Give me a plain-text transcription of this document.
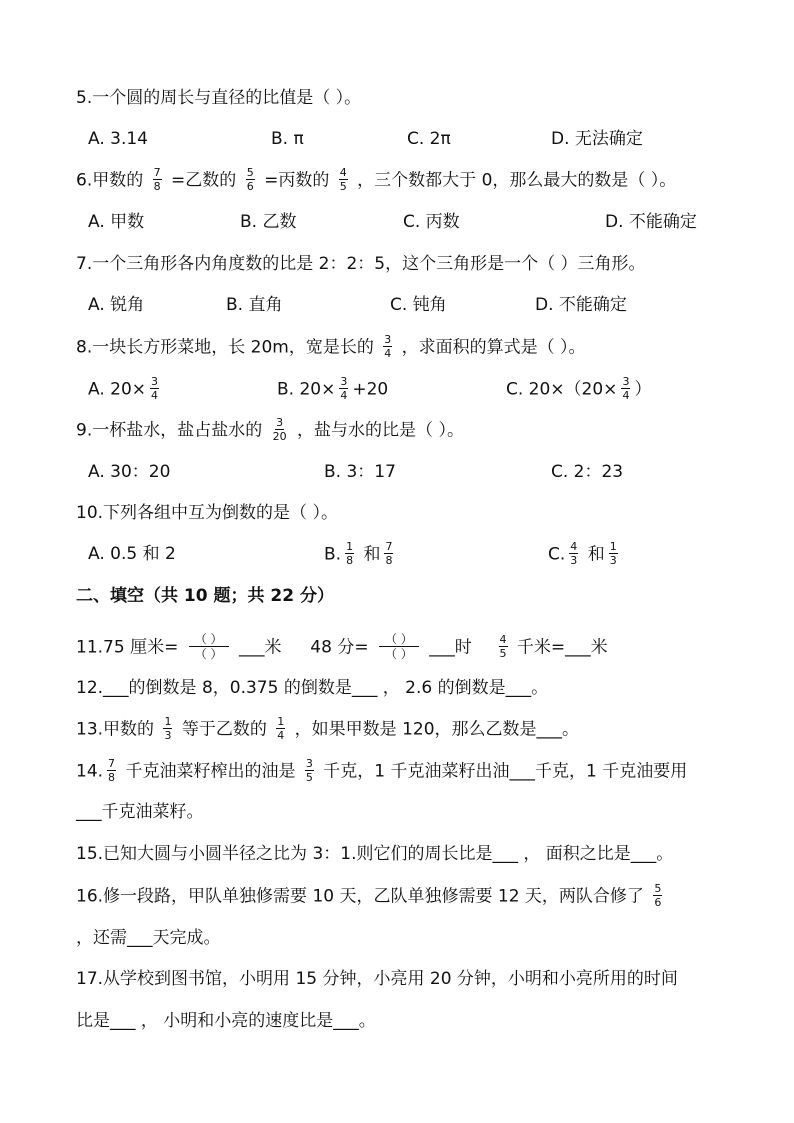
5.一个圆的周长与直径的比值是（ ）。
A. 3.14	B. π	C. 2π	D. 无法确定
6.甲数的 $\frac{7}{8}$ =乙数的 $\frac{5}{6}$ =丙数的 $\frac{4}{5}$ ，三个数都大于 0，那么最大的数是（ ）。
A. 甲数	B. 乙数	C. 丙数	D. 不能确定
7.一个三角形各内角度数的比是 2：2：5，这个三角形是一个（ ）三角形。
A. 锐角	B. 直角	C. 钝角	D. 不能确定
8.一块长方形菜地，长 20m，宽是长的 $\frac{3}{4}$ ，求面积的算式是（ ）。
A. $20\times \frac{3}{4}$	B. $20\times \frac{3}{4} +20$	C. $20\times(20\times \frac{3}{4}$ ）
9.一杯盐水，盐占盐水的 $\frac{3}{20}$ ，盐与水的比是（ ）。
A. 30：20	B. 3：17	C. 2：23
10.下列各组中互为倒数的是（ ）。
A. 0.5 和 2	B. $\frac{1}{8}$ 和 $\frac{7}{8}$	C. $\frac{4}{3}$ 和 $\frac{1}{3}$
二、填空（共 10 题；共 22 分）
11.75 厘米= $\frac{( )}{( )}$ ___米 48 分= $\frac{( )}{( )}$ ___时 $\frac{4}{5}$ 千米=___米
12.___的倒数是 8，0.375 的倒数是___ ， 2.6 的倒数是___。
13.甲数的 $\frac{1}{3}$ 等于乙数的 $\frac{1}{4}$ ，如果甲数是 120，那么乙数是___。
14. $\frac{7}{8}$ 千克油菜籽榨出的油是 $\frac{3}{5}$ 千克，1 千克油菜籽出油___千克，1 千克油要用
___千克油菜籽。
15.已知大圆与小圆半径之比为 3：1.则它们的周长比是___ ， 面积之比是___。
16.修一段路，甲队单独修需要 10 天，乙队单独修需要 12 天，两队合修了 $\frac{5}{6}$
，还需___天完成。
17.从学校到图书馆，小明用 15 分钟，小亮用 20 分钟，小明和小亮所用的时间
比是___ ， 小明和小亮的速度比是___。
